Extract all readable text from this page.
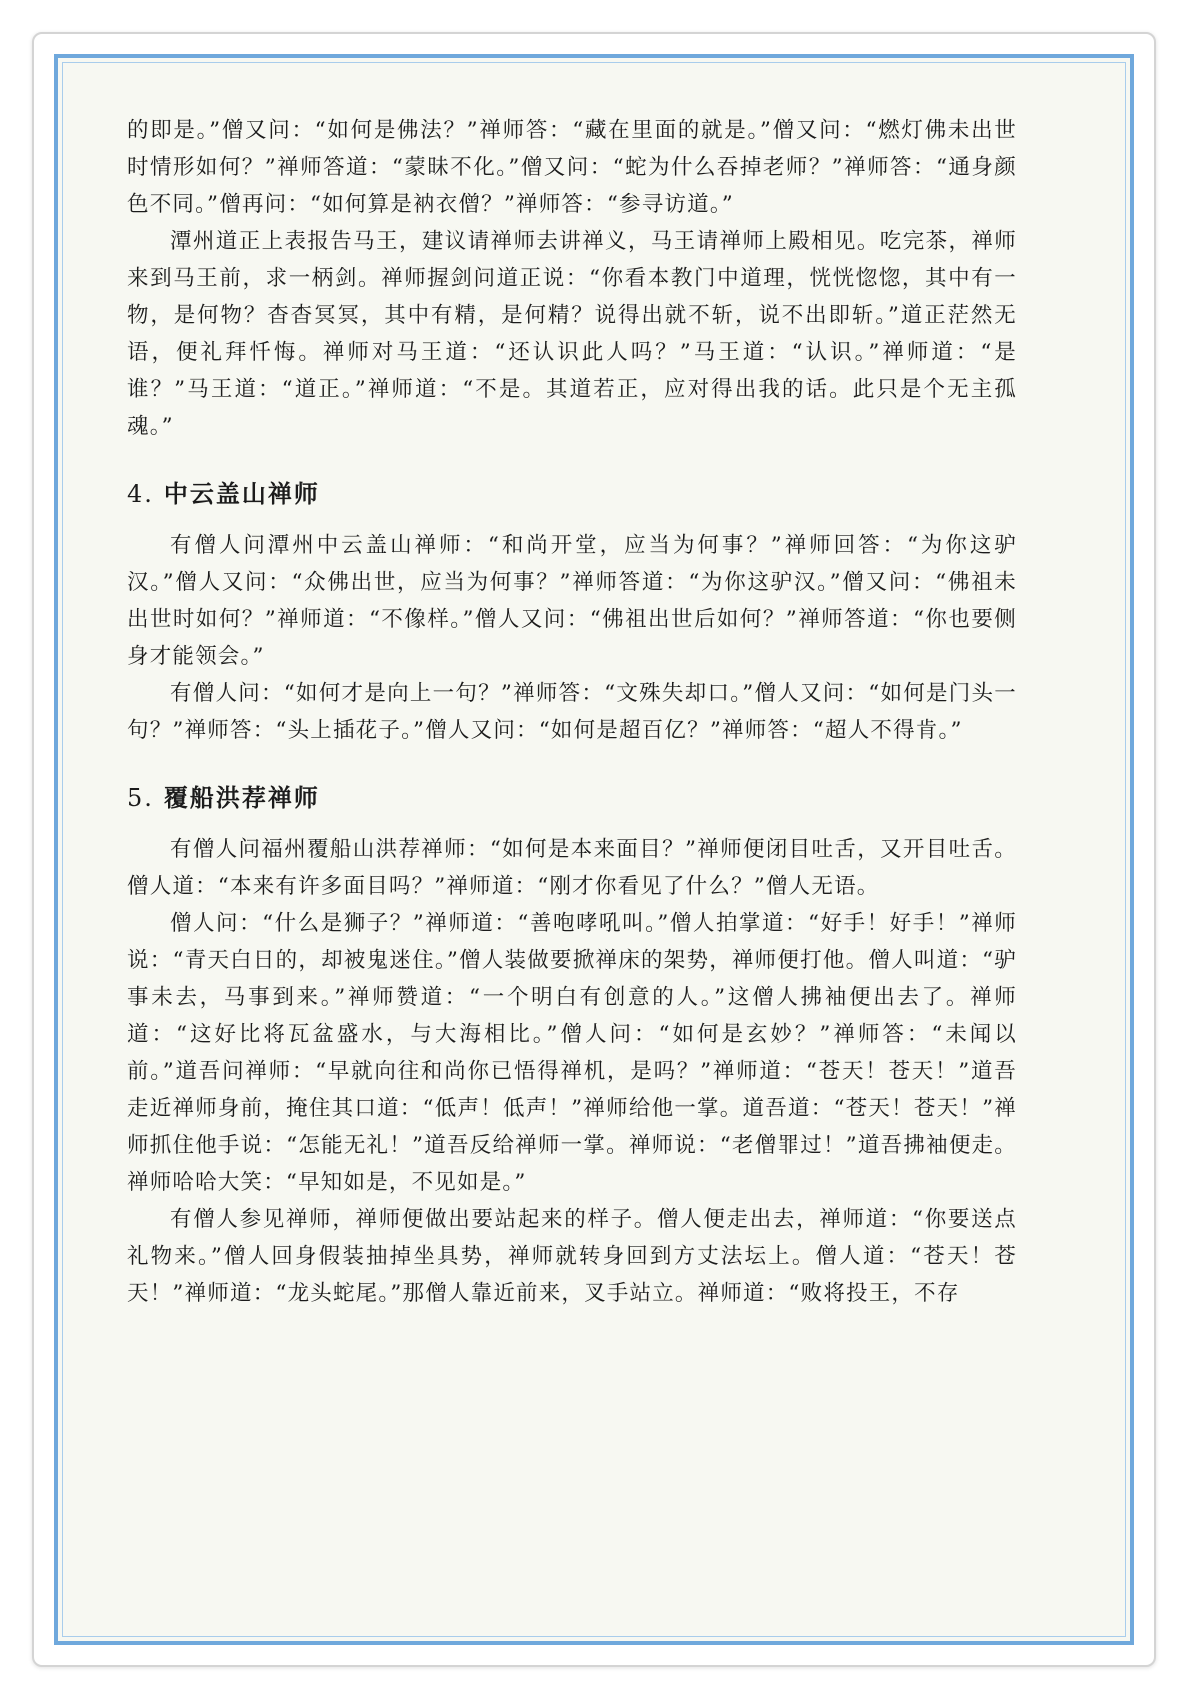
的即是。”僧又问：“如何是佛法？”禅师答：“藏在里面的就是。”僧又问：“燃灯佛未出世时情形如何？”禅师答道：“蒙昧不化。”僧又问：“蛇为什么吞掉老师？”禅师答：“通身颜色不同。”僧再问：“如何算是衲衣僧？”禅师答：“参寻访道。”

潭州道正上表报告马王，建议请禅师去讲禅义，马王请禅师上殿相见。吃完茶，禅师来到马王前，求一柄剑。禅师握剑问道正说：“你看本教门中道理，恍恍惚惚，其中有一物，是何物？杳杳冥冥，其中有精，是何精？说得出就不斩，说不出即斩。”道正茫然无语，便礼拜忏悔。禅师对马王道：“还认识此人吗？”马王道：“认识。”禅师道：“是谁？”马王道：“道正。”禅师道：“不是。其道若正，应对得出我的话。此只是个无主孤魂。”

4. 中云盖山禅师

有僧人问潭州中云盖山禅师：“和尚开堂，应当为何事？”禅师回答：“为你这驴汉。”僧人又问：“众佛出世，应当为何事？”禅师答道：“为你这驴汉。”僧又问：“佛祖未出世时如何？”禅师道：“不像样。”僧人又问：“佛祖出世后如何？”禅师答道：“你也要侧身才能领会。”

有僧人问：“如何才是向上一句？”禅师答：“文殊失却口。”僧人又问：“如何是门头一句？”禅师答：“头上插花子。”僧人又问：“如何是超百亿？”禅师答：“超人不得肯。”

5. 覆船洪荐禅师

有僧人问福州覆船山洪荐禅师：“如何是本来面目？”禅师便闭目吐舌，又开目吐舌。僧人道：“本来有许多面目吗？”禅师道：“刚才你看见了什么？”僧人无语。

僧人问：“什么是狮子？”禅师道：“善咆哮吼叫。”僧人拍掌道：“好手！好手！”禅师说：“青天白日的，却被鬼迷住。”僧人装做要掀禅床的架势，禅师便打他。僧人叫道：“驴事未去，马事到来。”禅师赞道：“一个明白有创意的人。”这僧人拂袖便出去了。禅师道：“这好比将瓦盆盛水，与大海相比。”僧人问：“如何是玄妙？”禅师答：“未闻以前。”道吾问禅师：“早就向往和尚你已悟得禅机，是吗？”禅师道：“苍天！苍天！”道吾走近禅师身前，掩住其口道：“低声！低声！”禅师给他一掌。道吾道：“苍天！苍天！”禅师抓住他手说：“怎能无礼！”道吾反给禅师一掌。禅师说：“老僧罪过！”道吾拂袖便走。禅师哈哈大笑：“早知如是，不见如是。”

有僧人参见禅师，禅师便做出要站起来的样子。僧人便走出去，禅师道：“你要送点礼物来。”僧人回身假装抽掉坐具势，禅师就转身回到方丈法坛上。僧人道：“苍天！苍天！”禅师道：“龙头蛇尾。”那僧人靠近前来，叉手站立。禅师道：“败将投王，不存
